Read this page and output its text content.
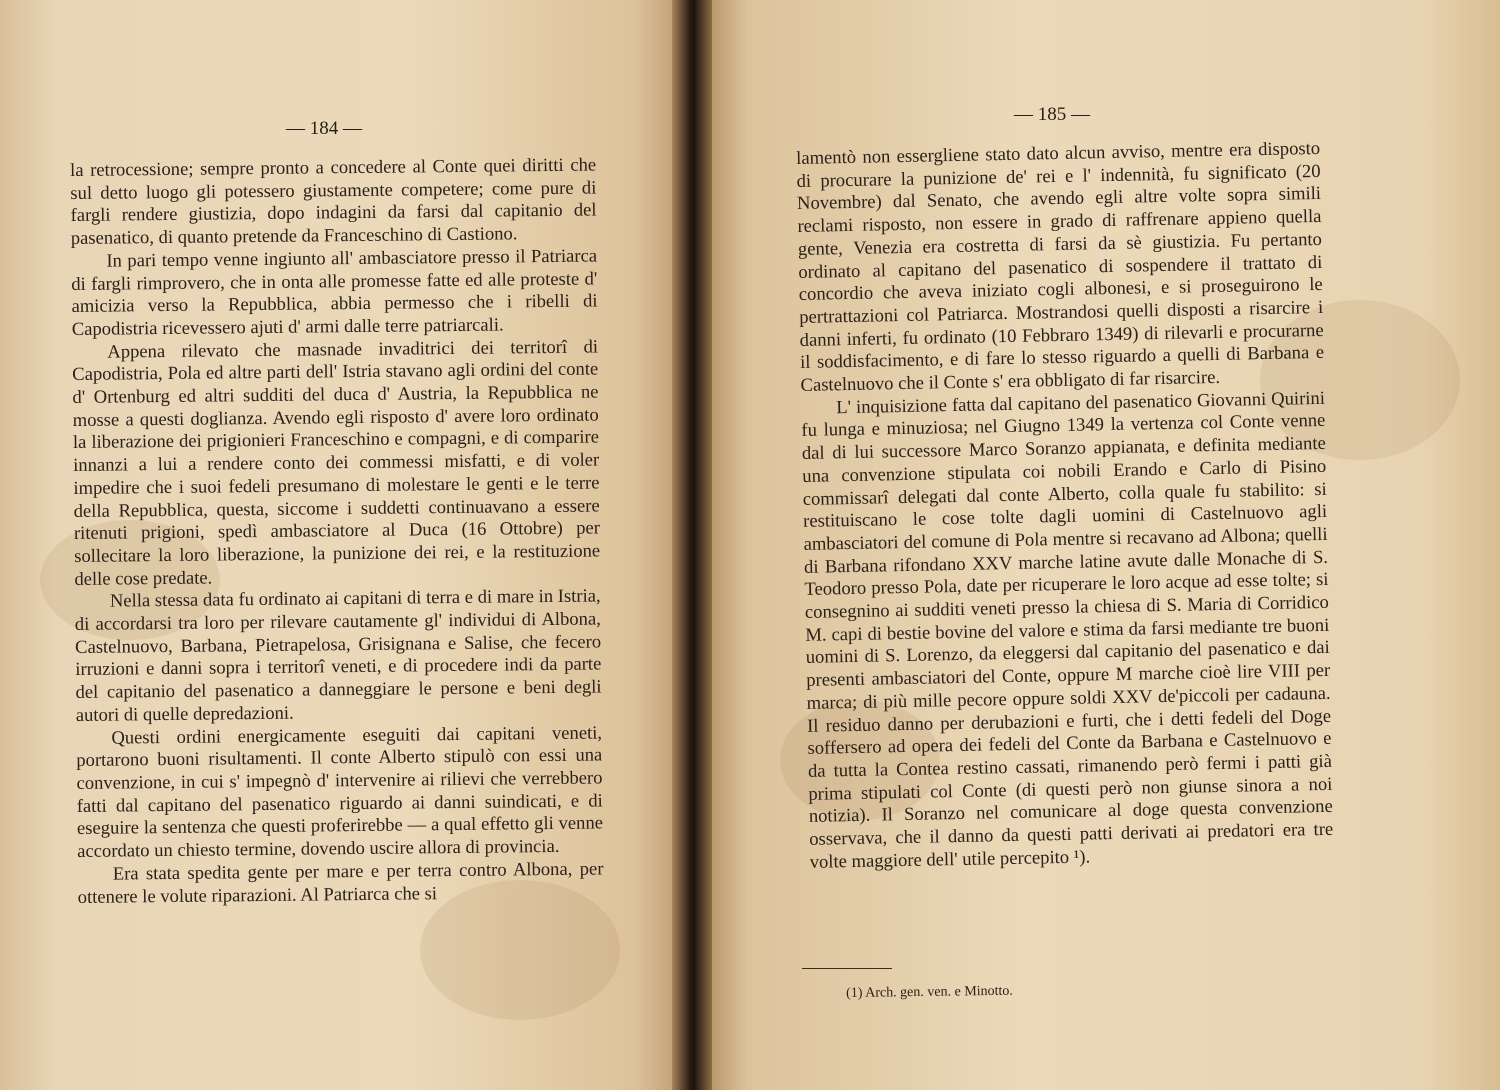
— 184 —

la retrocessione; sempre pronto a concedere al Conte quei diritti che sul detto luogo gli potessero giustamente competere; come pure di fargli rendere giustizia, dopo indagini da farsi dal capitanio del pasenatico, di quanto pretende da Franceschino di Castiono.

In pari tempo venne ingiunto all' ambasciatore presso il Patriarca di fargli rimprovero, che in onta alle promesse fatte ed alle proteste d' amicizia verso la Repubblica, abbia permesso che i ribelli di Capodistria ricevessero ajuti d' armi dalle terre patriarcali.

Appena rilevato che masnade invaditrici dei territorî di Capodistria, Pola ed altre parti dell' Istria stavano agli ordini del conte d' Ortenburg ed altri sudditi del duca d' Austria, la Repubblica ne mosse a questi doglianza. Avendo egli risposto d' avere loro ordinato la liberazione dei prigionieri Franceschino e compagni, e di comparire innanzi a lui a rendere conto dei commessi misfatti, e di voler impedire che i suoi fedeli presumano di molestare le genti e le terre della Repubblica, questa, siccome i suddetti continuavano a essere ritenuti prigioni, spedì ambasciatore al Duca (16 Ottobre) per sollecitare la loro liberazione, la punizione dei rei, e la restituzione delle cose predate.

Nella stessa data fu ordinato ai capitani di terra e di mare in Istria, di accordarsi tra loro per rilevare cautamente gl' individui di Albona, Castelnuovo, Barbana, Pietrapelosa, Grisignana e Salise, che fecero irruzioni e danni sopra i territorî veneti, e di procedere indi da parte del capitanio del pasenatico a danneggiare le persone e beni degli autori di quelle depredazioni.

Questi ordini energicamente eseguiti dai capitani veneti, portarono buoni risultamenti. Il conte Alberto stipulò con essi una convenzione, in cui s' impegnò d' intervenire ai rilievi che verrebbero fatti dal capitano del pasenatico riguardo ai danni suindicati, e di eseguire la sentenza che questi proferirebbe — a qual effetto gli venne accordato un chiesto termine, dovendo uscire allora di provincia.

Era stata spedita gente per mare e per terra contro Albona, per ottenere le volute riparazioni. Al Patriarca che si

— 185 —

lamentò non essergliene stato dato alcun avviso, mentre era disposto di procurare la punizione de' rei e l' indennità, fu significato (20 Novembre) dal Senato, che avendo egli altre volte sopra simili reclami risposto, non essere in grado di raffrenare appieno quella gente, Venezia era costretta di farsi da sè giustizia. Fu pertanto ordinato al capitano del pasenatico di sospendere il trattato di concordio che aveva iniziato cogli albonesi, e si proseguirono le pertrattazioni col Patriarca. Mostrandosi quelli disposti a risarcire i danni inferti, fu ordinato (10 Febbraro 1349) di rilevarli e procurarne il soddisfacimento, e di fare lo stesso riguardo a quelli di Barbana e Castelnuovo che il Conte s' era obbligato di far risarcire.

L' inquisizione fatta dal capitano del pasenatico Giovanni Quirini fu lunga e minuziosa; nel Giugno 1349 la vertenza col Conte venne dal di lui successore Marco Soranzo appianata, e definita mediante una convenzione stipulata coi nobili Erando e Carlo di Pisino commissarî delegati dal conte Alberto, colla quale fu stabilito: si restituiscano le cose tolte dagli uomini di Castelnuovo agli ambasciatori del comune di Pola mentre si recavano ad Albona; quelli di Barbana rifondano XXV marche latine avute dalle Monache di S. Teodoro presso Pola, date per ricuperare le loro acque ad esse tolte; si consegnino ai sudditi veneti presso la chiesa di S. Maria di Corridico M. capi di bestie bovine del valore e stima da farsi mediante tre buoni uomini di S. Lorenzo, da eleggersi dal capitanio del pasenatico e dai presenti ambasciatori del Conte, oppure M marche cioè lire VIII per marca; di più mille pecore oppure soldi XXV de'piccoli per cadauna. Il residuo danno per derubazioni e furti, che i detti fedeli del Doge soffersero ad opera dei fedeli del Conte da Barbana e Castelnuovo e da tutta la Contea restino cassati, rimanendo però fermi i patti già prima stipulati col Conte (di questi però non giunse sinora a noi notizia). Il Soranzo nel comunicare al doge questa convenzione osservava, che il danno da questi patti derivati ai predatori era tre volte maggiore dell' utile percepito ¹).

(1) Arch. gen. ven. e Minotto.
